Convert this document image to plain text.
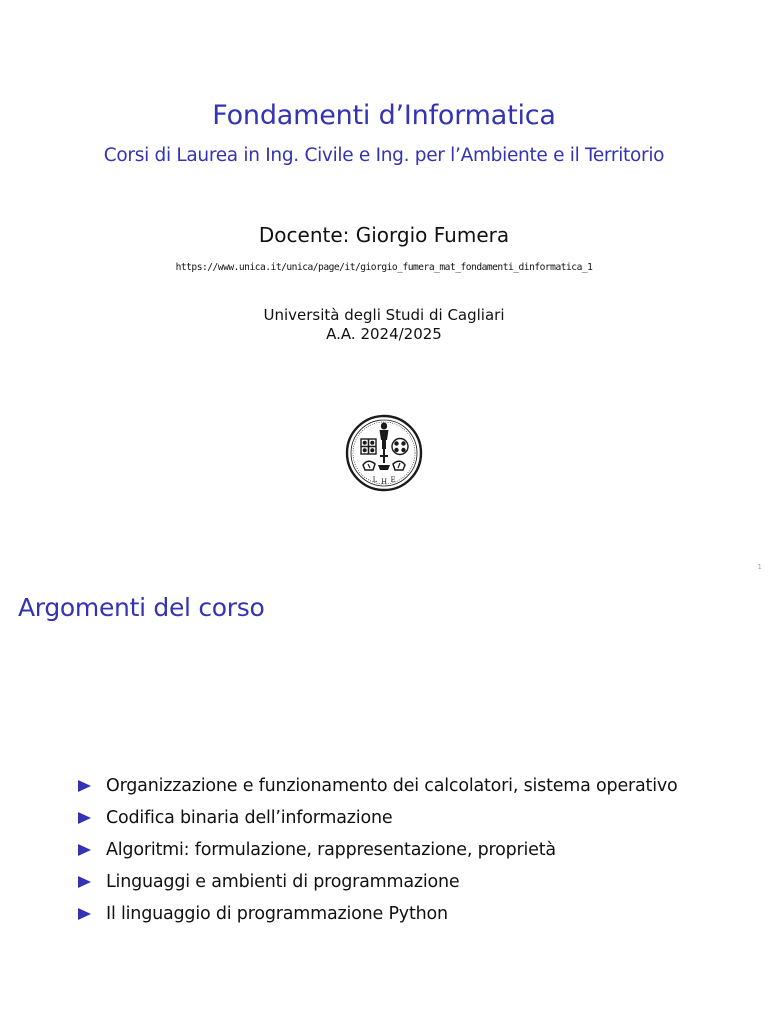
Fondamenti d’Informatica
Corsi di Laurea in Ing. Civile e Ing. per l’Ambiente e il Territorio
Docente: Giorgio Fumera
https://www.unica.it/unica/page/it/giorgio_fumera_mat_fondamenti_dinformatica_1
Università degli Studi di Cagliari
A.A. 2024/2025
L H E
1
Argomenti del corso
Organizzazione e funzionamento dei calcolatori, sistema operativo
Codifica binaria dell’informazione
Algoritmi: formulazione, rappresentazione, proprietà
Linguaggi e ambienti di programmazione
Il linguaggio di programmazione Python
